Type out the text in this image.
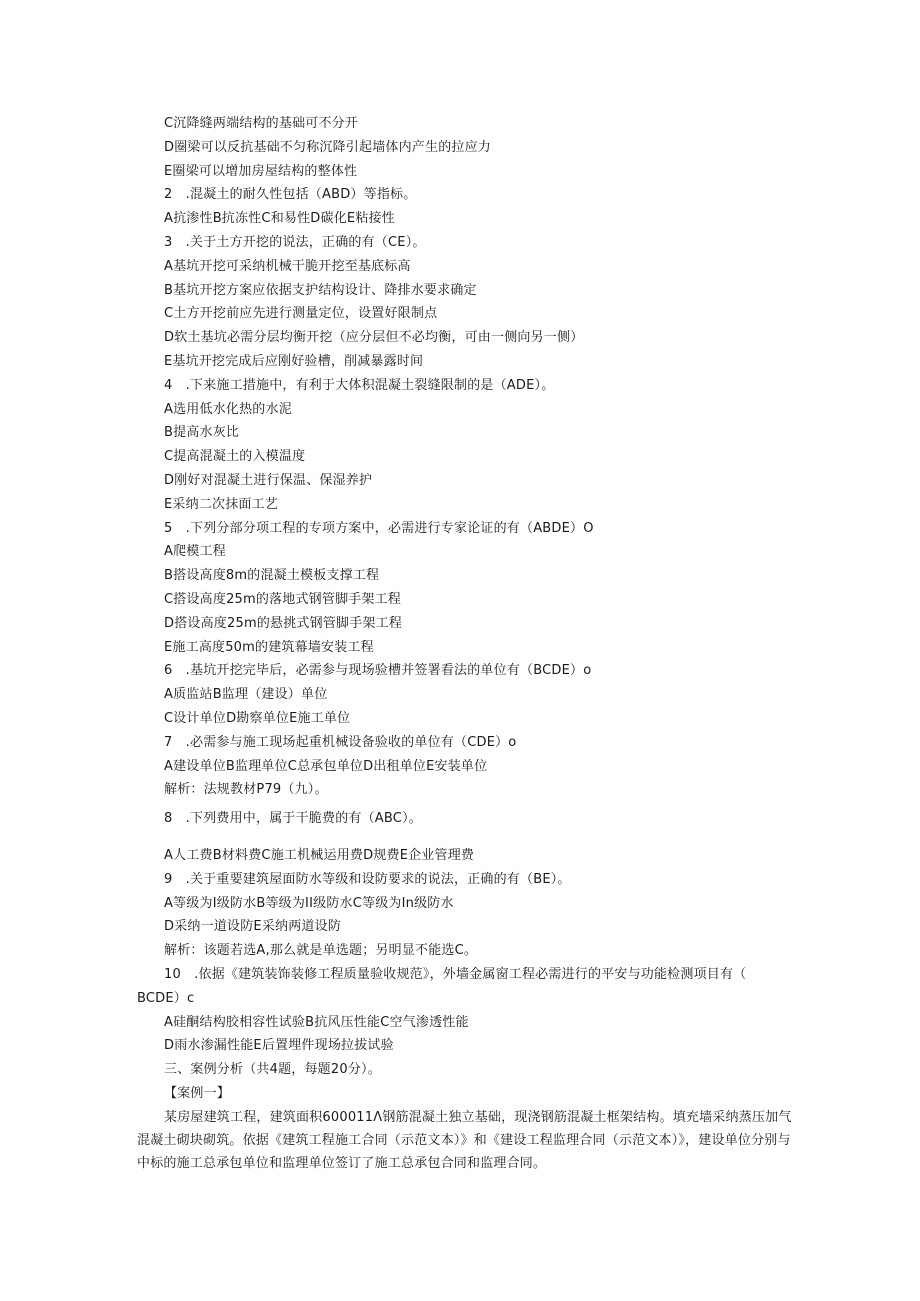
C沉降缝两端结构的基础可不分开
D圈梁可以反抗基础不匀称沉降引起墙体内产生的拉应力
E圈梁可以增加房屋结构的整体性
2　.混凝土的耐久性包括（ABD）等指标。
A抗渗性B抗冻性C和易性D碳化E粘接性
3　.关于土方开挖的说法，正确的有（CE）。
A基坑开挖可采纳机械干脆开挖至基底标高
B基坑开挖方案应依据支护结构设计、降排水要求确定
C土方开挖前应先进行测量定位，设置好限制点
D软土基坑必需分层均衡开挖（应分层但不必均衡，可由一侧向另一侧）
E基坑开挖完成后应刚好验槽，削减暴露时间
4　.下来施工措施中，有利于大体积混凝土裂缝限制的是（ADE）。
A选用低水化热的水泥
B提高水灰比
C提高混凝土的入模温度
D刚好对混凝土进行保温、保湿养护
E采纳二次抹面工艺
5　.下列分部分项工程的专项方案中，必需进行专家论证的有（ABDE）O
A爬模工程
B搭设高度8m的混凝土模板支撑工程
C搭设高度25m的落地式钢管脚手架工程
D搭设高度25m的悬挑式钢管脚手架工程
E施工高度50m的建筑幕墙安装工程
6　.基坑开挖完毕后，必需参与现场验槽并签署看法的单位有（BCDE）o
A质监站B监理（建设）单位
C设计单位D勘察单位E施工单位
7　.必需参与施工现场起重机械设备验收的单位有（CDE）o
A建设单位B监理单位C总承包单位D出租单位E安装单位
解析：法规教材P79（九）。
8　.下列费用中，属于干脆费的有（ABC）。
A人工费B材料费C施工机械运用费D规费E企业管理费
9　.关于重要建筑屋面防水等级和设防要求的说法，正确的有（BE）。
A等级为I级防水B等级为II级防水C等级为In级防水
D采纳一道设防E采纳两道设防
解析：该题若选A,那么就是单选题；另明显不能选C。
10　.依据《建筑装饰装修工程质量验收规范》，外墙金属窗工程必需进行的平安与功能检测项目有（
BCDE）c
A硅酮结构胶相容性试验B抗风压性能C空气渗透性能
D雨水渗漏性能E后置埋件现场拉拔试验
三、案例分析（共4题，每题20分）。
【案例一】
某房屋建筑工程，建筑面积600011Λ钢筋混凝土独立基础，现浇钢筋混凝土框架结构。填充墙采纳蒸压加气混凝土砌块砌筑。依据《建筑工程施工合同（示范文本）》和《建设工程监理合同（示范文本）》，建设单位分别与中标的施工总承包单位和监理单位签订了施工总承包合同和监理合同。
